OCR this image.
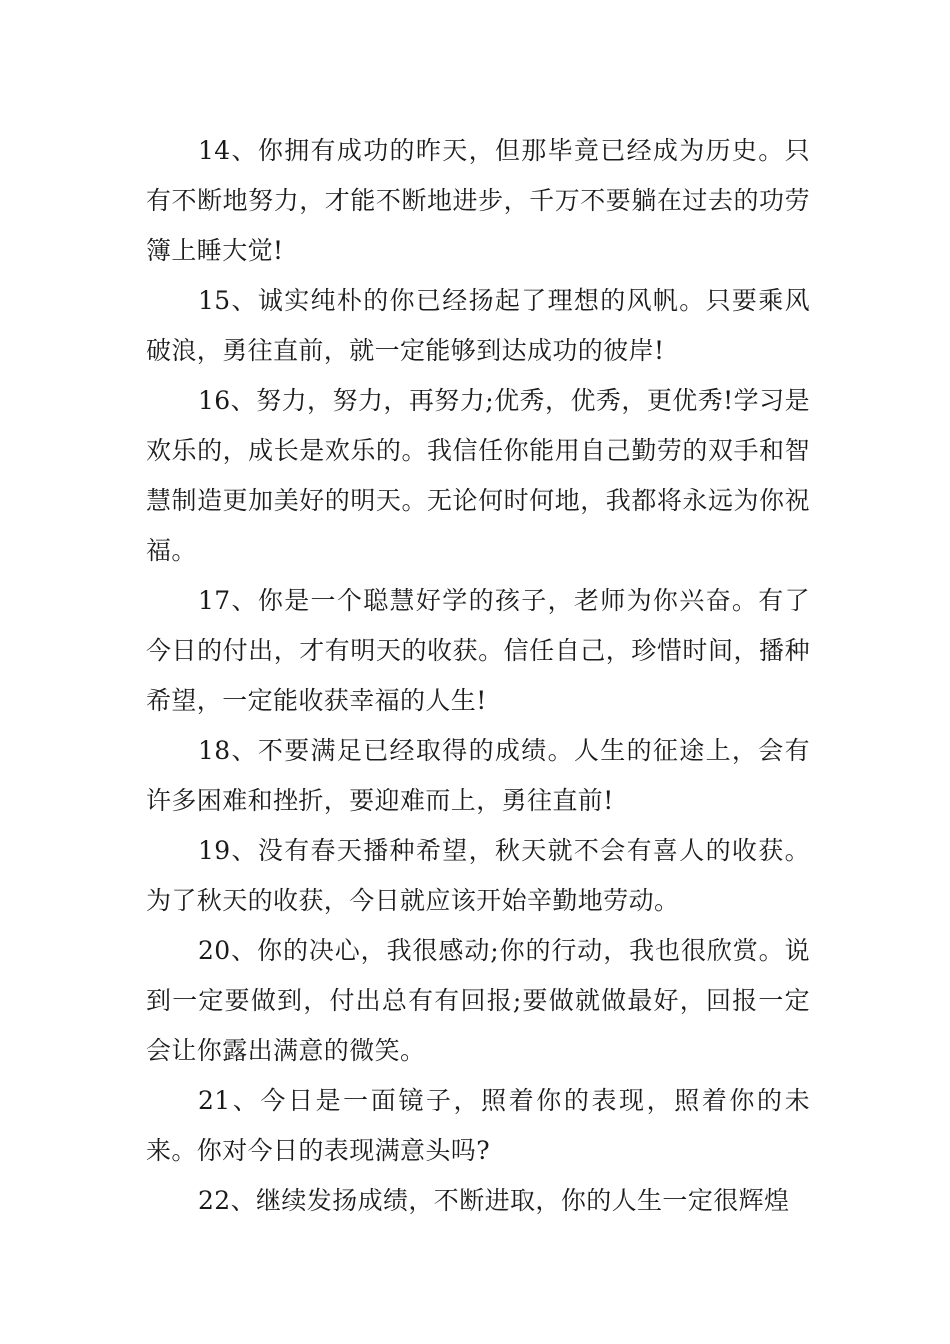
14、你拥有成功的昨天，但那毕竟已经成为历史。只有不断地努力，才能不断地进步，千万不要躺在过去的功劳簿上睡大觉!

15、诚实纯朴的你已经扬起了理想的风帆。只要乘风破浪，勇往直前，就一定能够到达成功的彼岸!

16、努力，努力，再努力;优秀，优秀，更优秀!学习是欢乐的，成长是欢乐的。我信任你能用自己勤劳的双手和智慧制造更加美好的明天。无论何时何地，我都将永远为你祝福。

17、你是一个聪慧好学的孩子，老师为你兴奋。有了今日的付出，才有明天的收获。信任自己，珍惜时间，播种希望，一定能收获幸福的人生!

18、不要满足已经取得的成绩。人生的征途上，会有许多困难和挫折，要迎难而上，勇往直前!

19、没有春天播种希望，秋天就不会有喜人的收获。为了秋天的收获，今日就应该开始辛勤地劳动。

20、你的决心，我很感动;你的行动，我也很欣赏。说到一定要做到，付出总有有回报;要做就做最好，回报一定会让你露出满意的微笑。

21、今日是一面镜子，照着你的表现，照着你的未来。你对今日的表现满意头吗?

22、继续发扬成绩，不断进取，你的人生一定很辉煌
